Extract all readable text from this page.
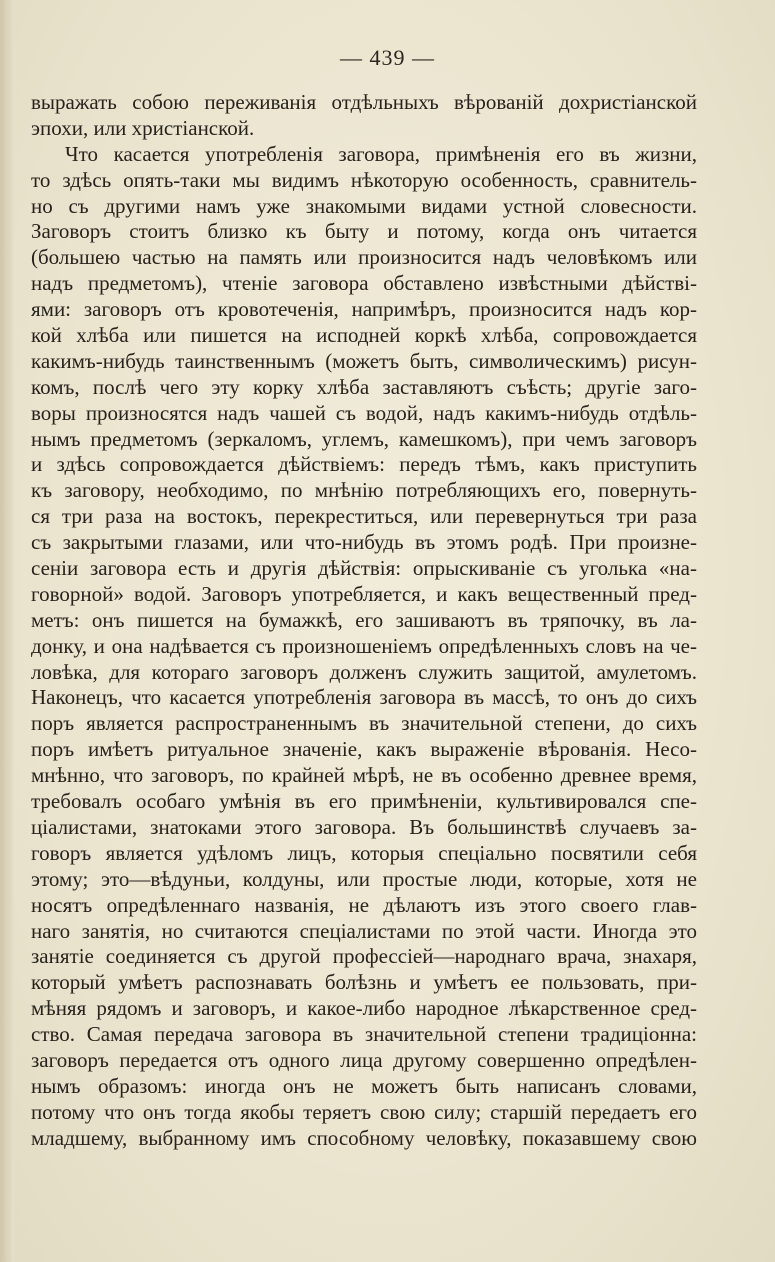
— 439 —
выражать собою переживанія отдѣльныхъ вѣрованій дохристіанской
эпохи, или христіанской.
Что касается употребленія заговора, примѣненія его въ жизни,
то здѣсь опять-таки мы видимъ нѣкоторую особенность, сравнитель-
но съ другими намъ уже знакомыми видами устной словесности.
Заговоръ стоитъ близко къ быту и потому, когда онъ читается
(большею частью на память или произносится надъ человѣкомъ или
надъ предметомъ), чтеніе заговора обставлено извѣстными дѣйстві-
ями: заговоръ отъ кровотеченія, напримѣръ, произносится надъ кор-
кой хлѣба или пишется на исподней коркѣ хлѣба, сопровождается
какимъ-нибудь таинственнымъ (можетъ быть, символическимъ) рисун-
комъ, послѣ чего эту корку хлѣба заставляютъ съѣсть; другіе заго-
воры произносятся надъ чашей съ водой, надъ какимъ-нибудь отдѣль-
нымъ предметомъ (зеркаломъ, углемъ, камешкомъ), при чемъ заговоръ
и здѣсь сопровождается дѣйствіемъ: передъ тѣмъ, какъ приступить
къ заговору, необходимо, по мнѣнію потребляющихъ его, повернуть-
ся три раза на востокъ, перекреститься, или перевернуться три раза
съ закрытыми глазами, или что-нибудь въ этомъ родѣ. При произне-
сеніи заговора есть и другія дѣйствія: опрыскиваніе съ уголька «на-
говорной» водой. Заговоръ употребляется, и какъ вещественный пред-
метъ: онъ пишется на бумажкѣ, его зашиваютъ въ тряпочку, въ ла-
донку, и она надѣвается съ произношеніемъ опредѣленныхъ словъ на че-
ловѣка, для котораго заговоръ долженъ служить защитой, амулетомъ.
Наконецъ, что касается употребленія заговора въ массѣ, то онъ до сихъ
поръ является распространеннымъ въ значительной степени, до сихъ
поръ имѣетъ ритуальное значеніе, какъ выраженіе вѣрованія. Несо-
мнѣнно, что заговоръ, по крайней мѣрѣ, не въ особенно древнее время,
требовалъ особаго умѣнія въ его примѣненіи, культивировался спе-
ціалистами, знатоками этого заговора. Въ большинствѣ случаевъ за-
говоръ является удѣломъ лицъ, которыя спеціально посвятили себя
этому; это—вѣдуньи, колдуны, или простые люди, которые, хотя не
носятъ опредѣленнаго названія, не дѣлаютъ изъ этого своего глав-
наго занятія, но считаются спеціалистами по этой части. Иногда это
занятіе соединяется съ другой профессіей—народнаго врача, знахаря,
который умѣетъ распознавать болѣзнь и умѣетъ ее пользовать, при-
мѣняя рядомъ и заговоръ, и какое-либо народное лѣкарственное сред-
ство. Самая передача заговора въ значительной степени традиціонна:
заговоръ передается отъ одного лица другому совершенно опредѣлен-
нымъ образомъ: иногда онъ не можетъ быть написанъ словами,
потому что онъ тогда якобы теряетъ свою силу; старшій передаетъ его
младшему, выбранному имъ способному человѣку, показавшему свою
